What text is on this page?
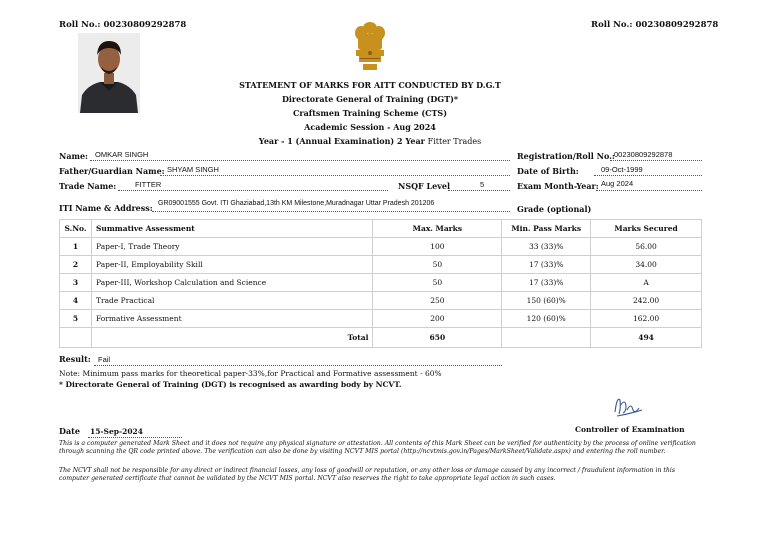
Roll No.: 00230809292878	Roll No.: 00230809292878
STATEMENT OF MARKS FOR AITT CONDUCTED BY D.G.T
Directorate General of Training (DGT)*
Craftsmen Training Scheme (CTS)
Academic Session - Aug 2024
Year - 1 (Annual Examination) 2 Year Fitter Trades
Name: OMKAR SINGH
Father/Guardian Name: SHYAM SINGH
Trade Name:	FITTER	NSQF Level	5
Registration/Roll No.: 00230809292878
Date of Birth:	09-Oct-1999
Exam Month-Year: Aug 2024
ITI Name & Address: GR09001555 Govt. ITI Ghaziabad,13th KM Milestone,Muradnagar Uttar Pradesh 201206
Grade (optional)
S.No.	Summative Assessment	Max. Marks	Min. Pass Marks	Marks Secured
1	Paper-I, Trade Theory	100	33 (33)%	56.00
2	Paper-II, Employability Skill	50	17 (33)%	34.00
3	Paper-III, Workshop Calculation and Science	50	17 (33)%	A
4	Trade Practical	250	150 (60)%	242.00
5	Formative Assessment	200	120 (60)%	162.00
	Total	650		494
Result: Fail
Note: Minimum pass marks for theoretical paper-33%,for Practical and Formative assessment - 60%
* Directorate General of Training (DGT) is recognised as awarding body by NCVT.
Controller of Examination
Date 15-Sep-2024
This is a computer generated Mark Sheet and it does not require any physical signature or attestation. All contents of this Mark Sheet can be verified for authenticity by the process of online verification through scanning the QR code printed above. The verification can also be done by visiting NCVT MIS portal (http://ncvtmis.gov.in/Pages/MarkSheet/Validate.aspx) and entering the roll number.
The NCVT shall not be responsible for any direct or indirect financial losses, any loss of goodwill or reputation, or any other loss or damage caused by any incorrect / fraudulent information in this computer generated certificate that cannot be validated by the NCVT MIS portal. NCVT also reserves the right to take appropriate legal action in such cases.
